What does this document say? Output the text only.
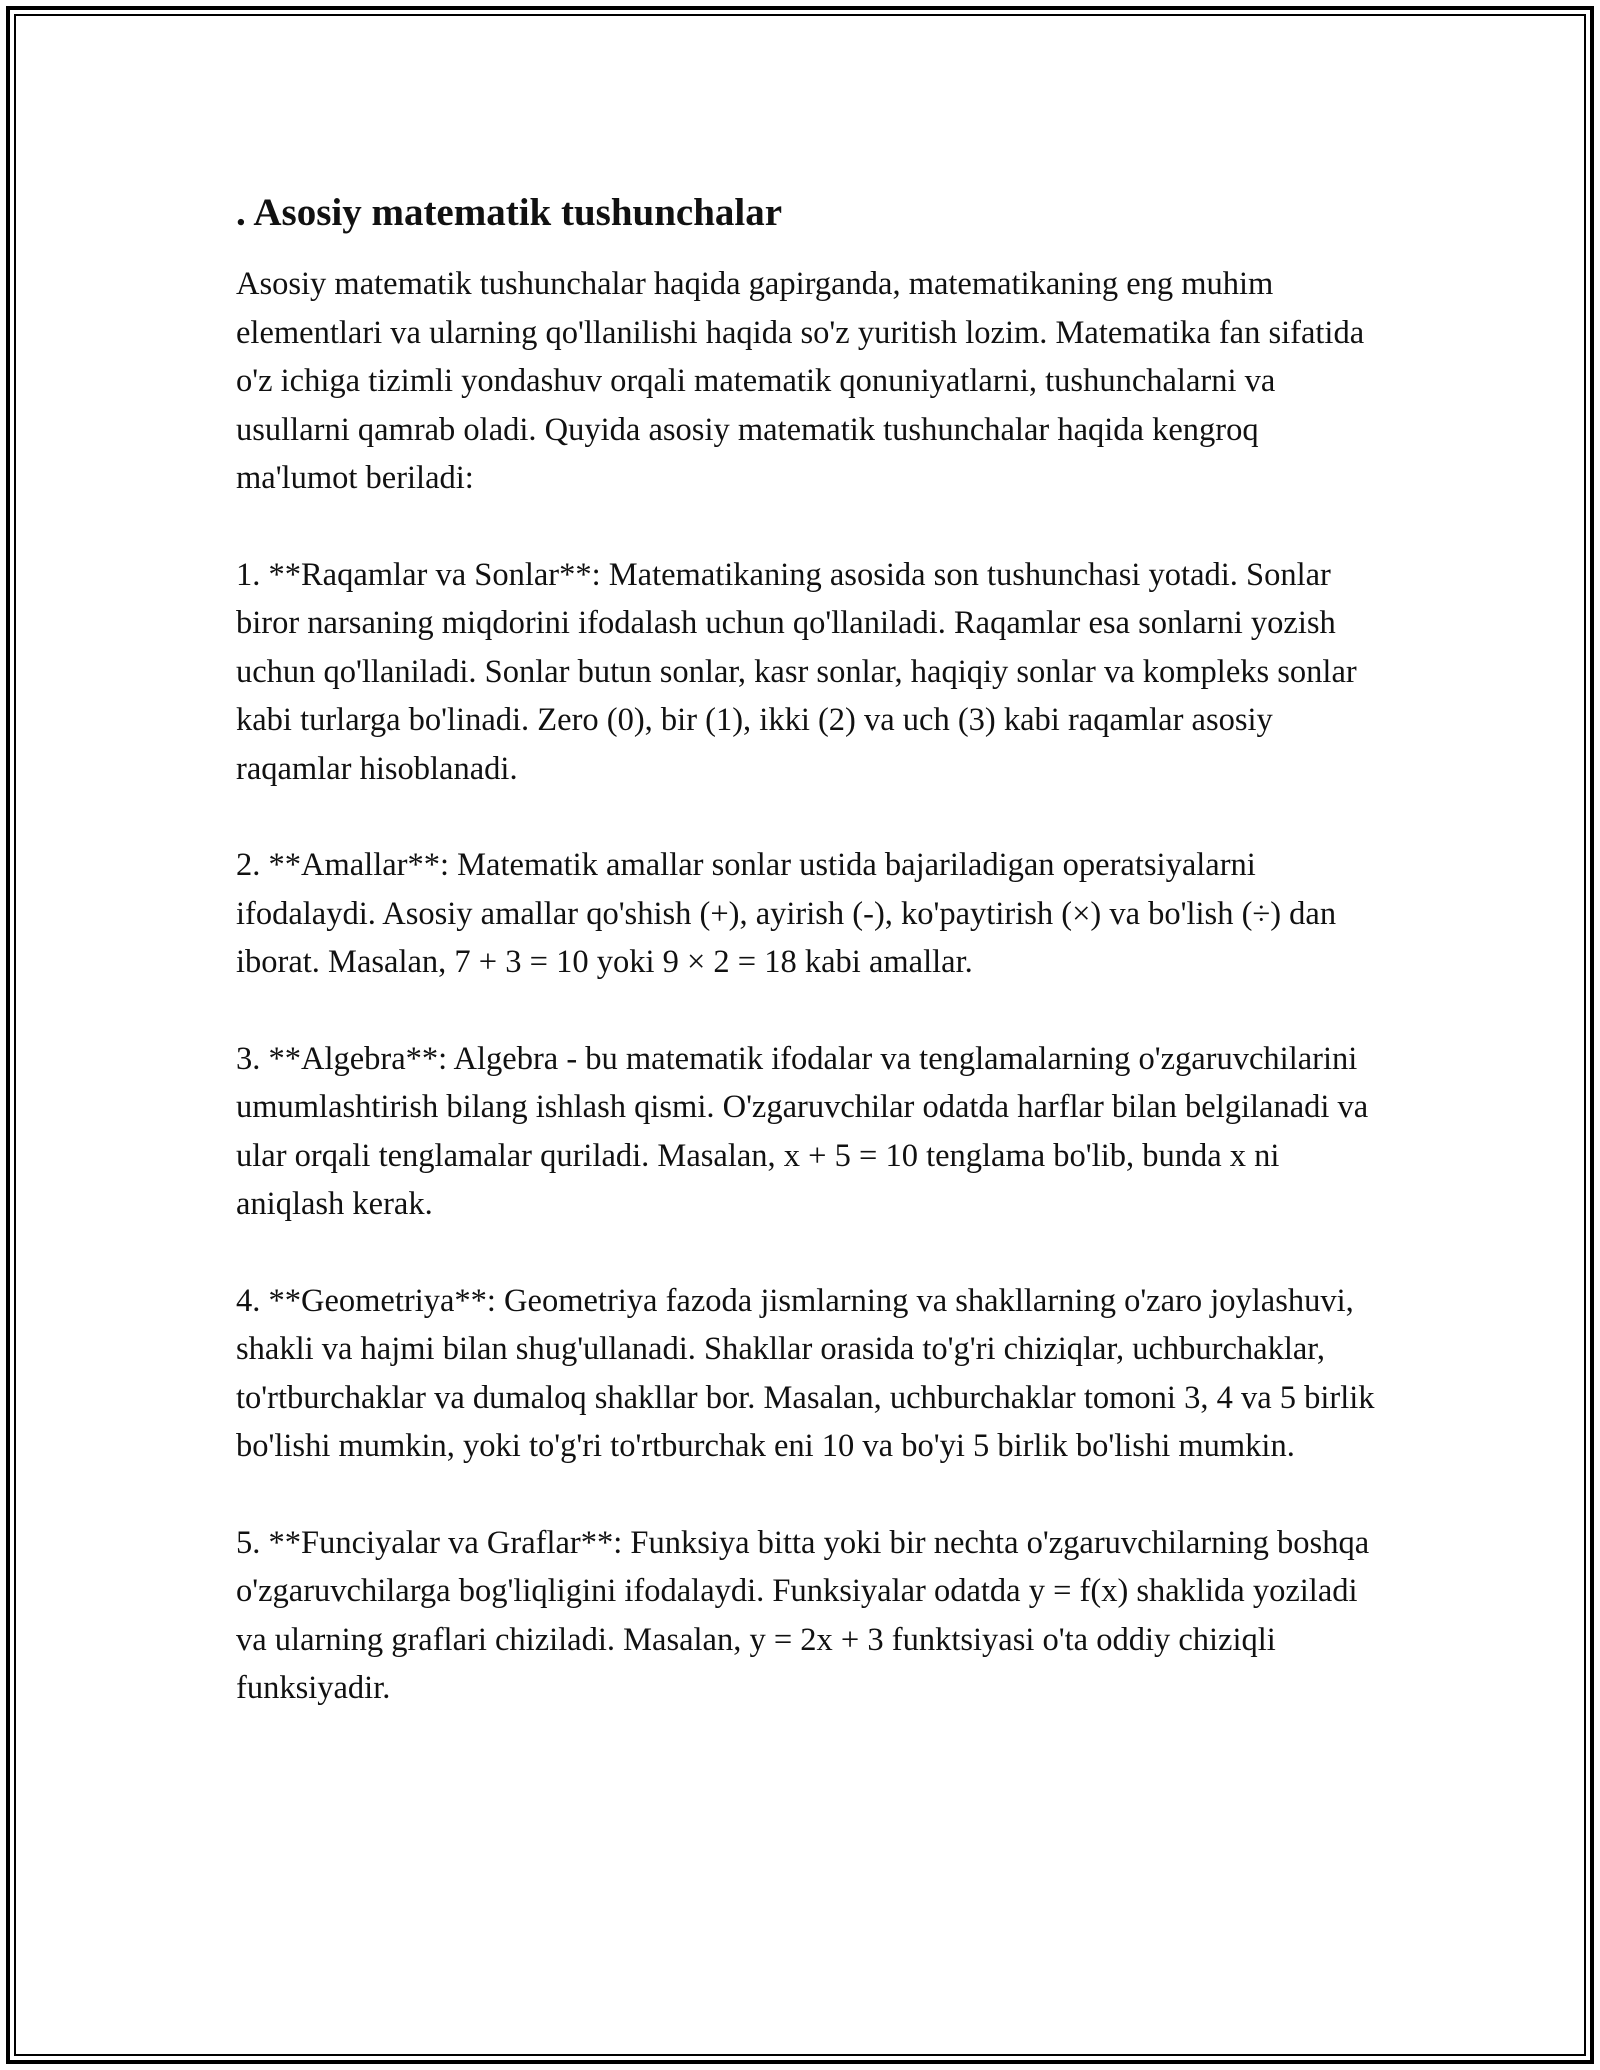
. Asosiy matematik tushunchalar

Asosiy matematik tushunchalar haqida gapirganda, matematikaning eng muhim elementlari va ularning qo'llanilishi haqida so'z yuritish lozim. Matematika fan sifatida o'z ichiga tizimli yondashuv orqali matematik qonuniyatlarni, tushunchalarni va usullarni qamrab oladi. Quyida asosiy matematik tushunchalar haqida kengroq ma'lumot beriladi:

1. **Raqamlar va Sonlar**: Matematikaning asosida son tushunchasi yotadi. Sonlar biror narsaning miqdorini ifodalash uchun qo'llaniladi. Raqamlar esa sonlarni yozish uchun qo'llaniladi. Sonlar butun sonlar, kasr sonlar, haqiqiy sonlar va kompleks sonlar kabi turlarga bo'linadi. Zero (0), bir (1), ikki (2) va uch (3) kabi raqamlar asosiy raqamlar hisoblanadi.

2. **Amallar**: Matematik amallar sonlar ustida bajariladigan operatsiyalarni ifodalaydi. Asosiy amallar qo'shish (+), ayirish (-), ko'paytirish (×) va bo'lish (÷) dan iborat. Masalan, 7 + 3 = 10 yoki 9 × 2 = 18 kabi amallar.

3. **Algebra**: Algebra - bu matematik ifodalar va tenglamalarning o'zgaruvchilarini umumlashtirish bilang ishlash qismi. O'zgaruvchilar odatda harflar bilan belgilanadi va ular orqali tenglamalar quriladi. Masalan, x + 5 = 10 tenglama bo'lib, bunda x ni aniqlash kerak.

4. **Geometriya**: Geometriya fazoda jismlarning va shakllarning o'zaro joylashuvi, shakli va hajmi bilan shug'ullanadi. Shakllar orasida to'g'ri chiziqlar, uchburchaklar, to'rtburchaklar va dumaloq shakllar bor. Masalan, uchburchaklar tomoni 3, 4 va 5 birlik bo'lishi mumkin, yoki to'g'ri to'rtburchak eni 10 va bo'yi 5 birlik bo'lishi mumkin.

5. **Funciyalar va Graflar**: Funksiya bitta yoki bir nechta o'zgaruvchilarning boshqa o'zgaruvchilarga bog'liqligini ifodalaydi. Funksiyalar odatda y = f(x) shaklida yoziladi va ularning graflari chiziladi. Masalan, y = 2x + 3 funktsiyasi o'ta oddiy chiziqli funksiyadir.
